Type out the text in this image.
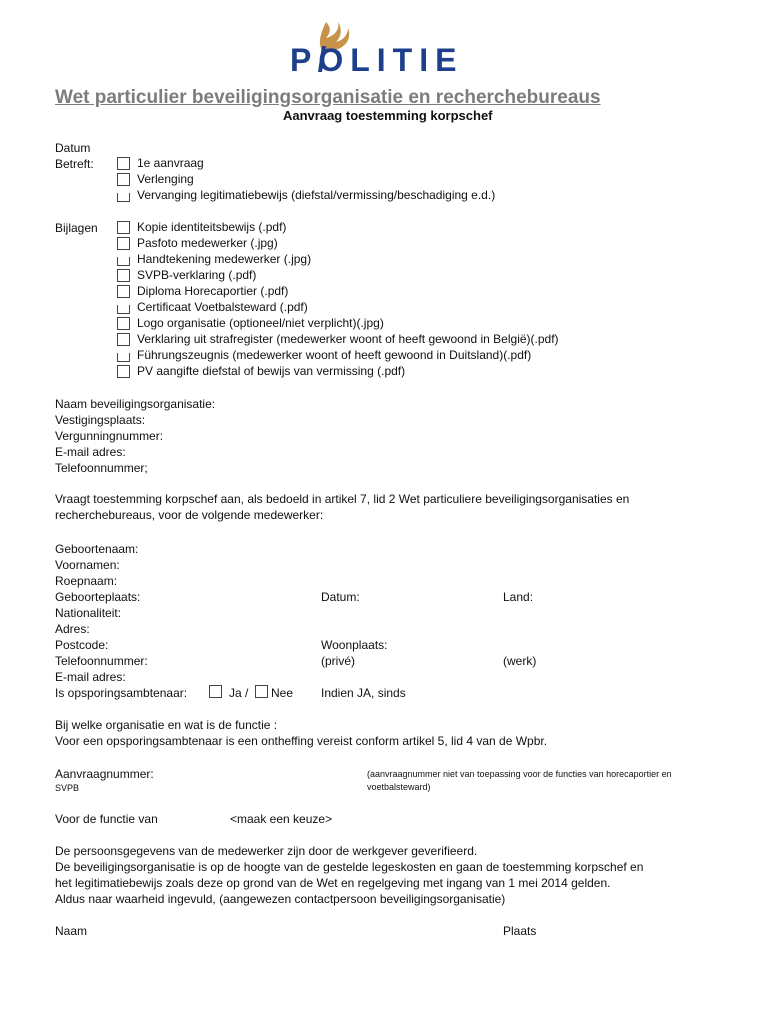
POLITIE
Wet particulier beveiligingsorganisatie en recherchebureaus
Aanvraag toestemming korpschef
Datum
Betreft:	1e aanvraag
Verlenging
Vervanging legitimatiebewijs (diefstal/vermissing/beschadiging e.d.)
Bijlagen	Kopie identiteitsbewijs (.pdf)
Pasfoto medewerker (.jpg)
Handtekening medewerker (.jpg)
SVPB-verklaring (.pdf)
Diploma Horecaportier (.pdf)
Certificaat Voetbalsteward (.pdf)
Logo organisatie (optioneel/niet verplicht)(.jpg)
Verklaring uit strafregister (medewerker woont of heeft gewoond in België)(.pdf)
Führungszeugnis (medewerker woont of heeft gewoond in Duitsland)(.pdf)
PV aangifte diefstal of bewijs van vermissing (.pdf)
Naam beveiligingsorganisatie:
Vestigingsplaats:
Vergunningnummer:
E-mail adres:
Telefoonnummer;
Vraagt toestemming korpschef aan, als bedoeld in artikel 7, lid 2 Wet particuliere beveiligingsorganisaties en
recherchebureaus, voor de volgende medewerker:
Geboortenaam:
Voornamen:
Roepnaam:
Geboorteplaats:	Datum:	Land:
Nationaliteit:
Adres:
Postcode:	Woonplaats:
Telefoonnummer:	(privé)	(werk)
E-mail adres:
Is opsporingsambtenaar:	Ja / Nee Indien JA, sinds
Bij welke organisatie en wat is de functie :
Voor een opsporingsambtenaar is een ontheffing vereist conform artikel 5, lid 4 van de Wpbr.
Aanvraagnummer:
SVPB
(aanvraagnummer niet van toepassing voor de functies van horecaportier en
voetbalsteward)
Voor de functie van	<maak een keuze>
De persoonsgegevens van de medewerker zijn door de werkgever geverifieerd.
De beveiligingsorganisatie is op de hoogte van de gestelde legeskosten en gaan de toestemming korpschef en
het legitimatiebewijs zoals deze op grond van de Wet en regelgeving met ingang van 1 mei 2014 gelden.
Aldus naar waarheid ingevuld, (aangewezen contactpersoon beveiligingsorganisatie)
Naam	Plaats
